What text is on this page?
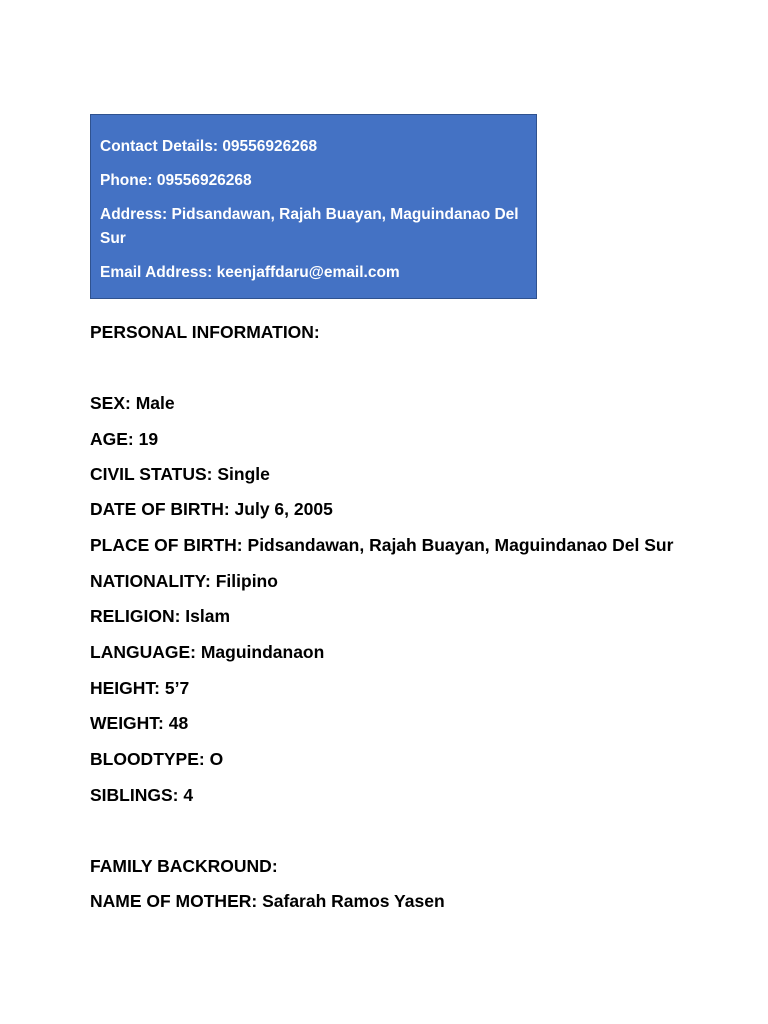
Contact Details: 09556926268

Phone: 09556926268

Address: Pidsandawan, Rajah Buayan, Maguindanao Del Sur

Email Address: keenjaffdaru@email.com

PERSONAL INFORMATION:
SEX: Male
AGE: 19
CIVIL STATUS: Single
DATE OF BIRTH: July 6, 2005
PLACE OF BIRTH: Pidsandawan, Rajah Buayan, Maguindanao Del Sur
NATIONALITY: Filipino
RELIGION: Islam
LANGUAGE: Maguindanaon
HEIGHT: 5’7
WEIGHT: 48
BLOODTYPE: O
SIBLINGS: 4
FAMILY BACKROUND:
NAME OF MOTHER: Safarah Ramos Yasen
